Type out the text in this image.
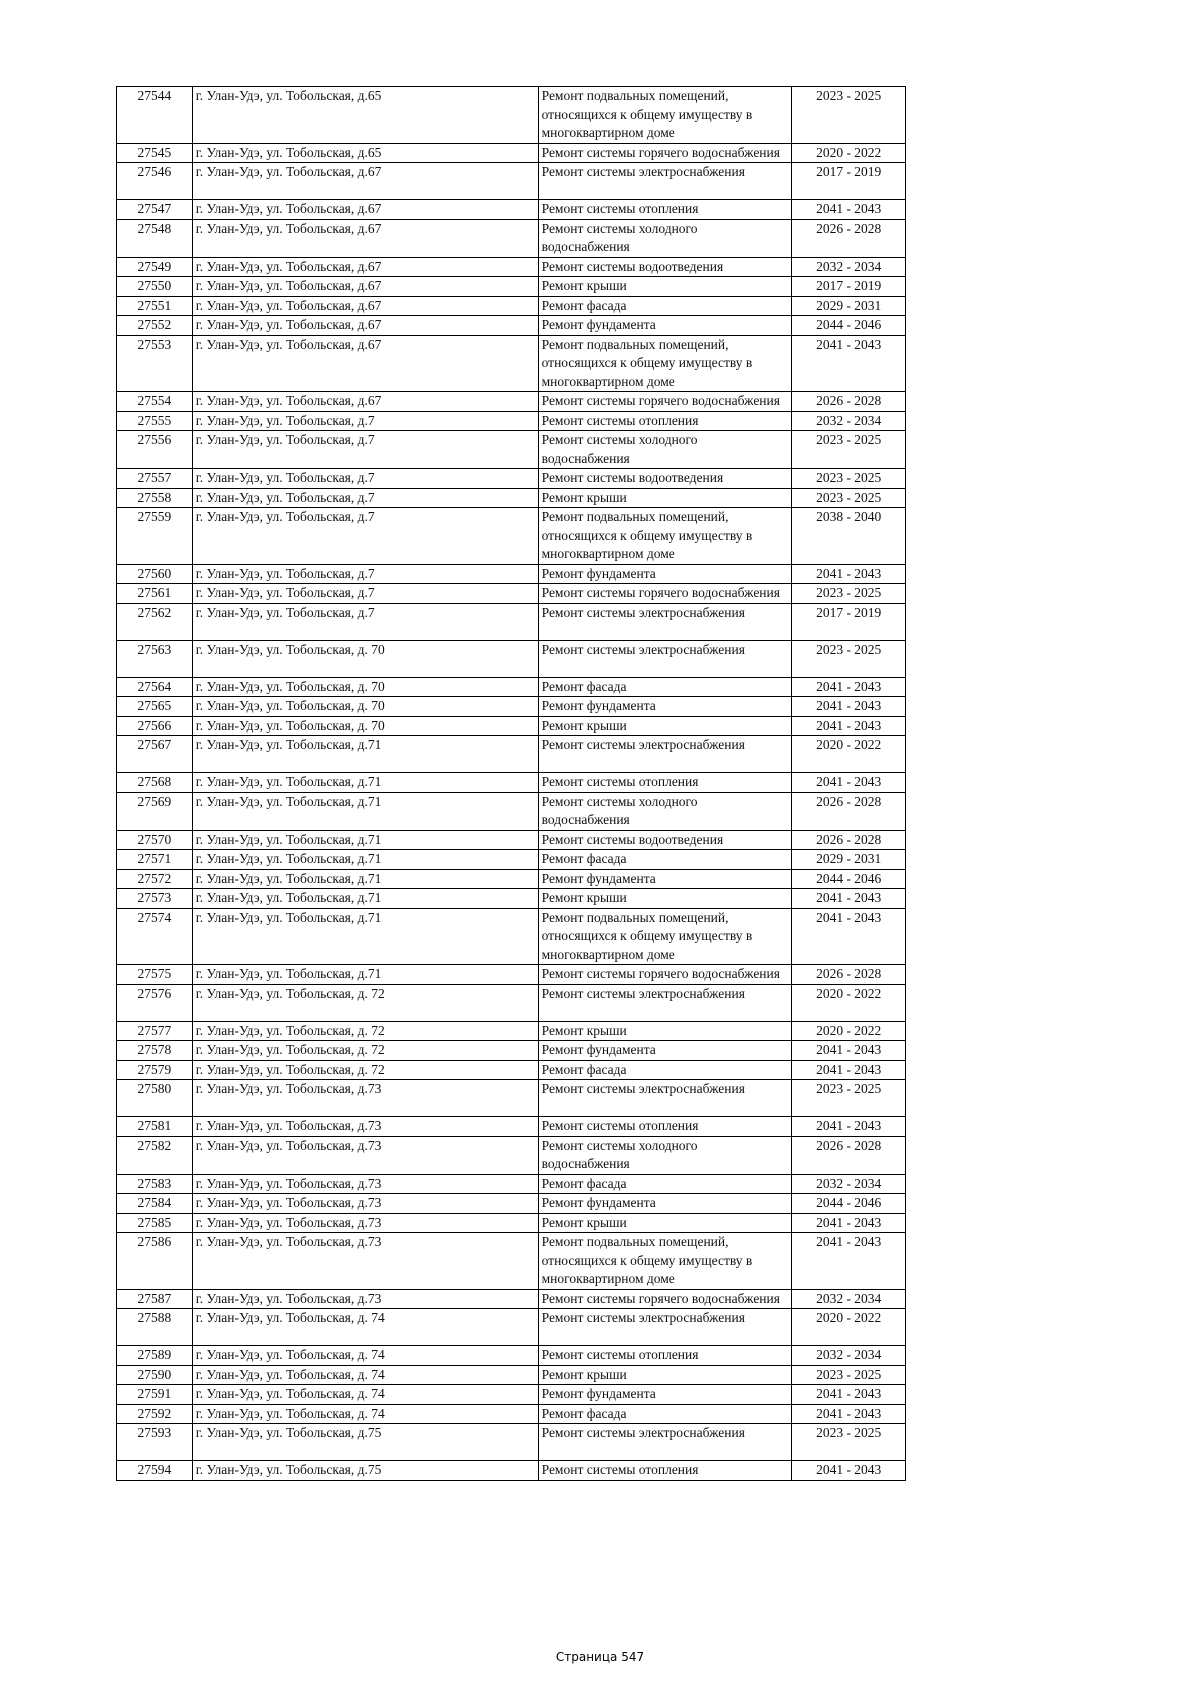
27544	г. Улан-Удэ, ул. Тобольская, д.65	Ремонт подвальных помещений, относящихся к общему имуществу в многоквартирном доме	2023 - 2025
27545	г. Улан-Удэ, ул. Тобольская, д.65	Ремонт системы горячего водоснабжения	2020 - 2022
27546	г. Улан-Удэ, ул. Тобольская, д.67	Ремонт системы электроснабжения	2017 - 2019
27547	г. Улан-Удэ, ул. Тобольская, д.67	Ремонт системы отопления	2041 - 2043
27548	г. Улан-Удэ, ул. Тобольская, д.67	Ремонт системы холодного водоснабжения	2026 - 2028
27549	г. Улан-Удэ, ул. Тобольская, д.67	Ремонт системы водоотведения	2032 - 2034
27550	г. Улан-Удэ, ул. Тобольская, д.67	Ремонт крыши	2017 - 2019
27551	г. Улан-Удэ, ул. Тобольская, д.67	Ремонт фасада	2029 - 2031
27552	г. Улан-Удэ, ул. Тобольская, д.67	Ремонт фундамента	2044 - 2046
27553	г. Улан-Удэ, ул. Тобольская, д.67	Ремонт подвальных помещений, относящихся к общему имуществу в многоквартирном доме	2041 - 2043
27554	г. Улан-Удэ, ул. Тобольская, д.67	Ремонт системы горячего водоснабжения	2026 - 2028
27555	г. Улан-Удэ, ул. Тобольская, д.7	Ремонт системы отопления	2032 - 2034
27556	г. Улан-Удэ, ул. Тобольская, д.7	Ремонт системы холодного водоснабжения	2023 - 2025
27557	г. Улан-Удэ, ул. Тобольская, д.7	Ремонт системы водоотведения	2023 - 2025
27558	г. Улан-Удэ, ул. Тобольская, д.7	Ремонт крыши	2023 - 2025
27559	г. Улан-Удэ, ул. Тобольская, д.7	Ремонт подвальных помещений, относящихся к общему имуществу в многоквартирном доме	2038 - 2040
27560	г. Улан-Удэ, ул. Тобольская, д.7	Ремонт фундамента	2041 - 2043
27561	г. Улан-Удэ, ул. Тобольская, д.7	Ремонт системы горячего водоснабжения	2023 - 2025
27562	г. Улан-Удэ, ул. Тобольская, д.7	Ремонт системы электроснабжения	2017 - 2019
27563	г. Улан-Удэ, ул. Тобольская, д. 70	Ремонт системы электроснабжения	2023 - 2025
27564	г. Улан-Удэ, ул. Тобольская, д. 70	Ремонт фасада	2041 - 2043
27565	г. Улан-Удэ, ул. Тобольская, д. 70	Ремонт фундамента	2041 - 2043
27566	г. Улан-Удэ, ул. Тобольская, д. 70	Ремонт крыши	2041 - 2043
27567	г. Улан-Удэ, ул. Тобольская, д.71	Ремонт системы электроснабжения	2020 - 2022
27568	г. Улан-Удэ, ул. Тобольская, д.71	Ремонт системы отопления	2041 - 2043
27569	г. Улан-Удэ, ул. Тобольская, д.71	Ремонт системы холодного водоснабжения	2026 - 2028
27570	г. Улан-Удэ, ул. Тобольская, д.71	Ремонт системы водоотведения	2026 - 2028
27571	г. Улан-Удэ, ул. Тобольская, д.71	Ремонт фасада	2029 - 2031
27572	г. Улан-Удэ, ул. Тобольская, д.71	Ремонт фундамента	2044 - 2046
27573	г. Улан-Удэ, ул. Тобольская, д.71	Ремонт крыши	2041 - 2043
27574	г. Улан-Удэ, ул. Тобольская, д.71	Ремонт подвальных помещений, относящихся к общему имуществу в многоквартирном доме	2041 - 2043
27575	г. Улан-Удэ, ул. Тобольская, д.71	Ремонт системы горячего водоснабжения	2026 - 2028
27576	г. Улан-Удэ, ул. Тобольская, д. 72	Ремонт системы электроснабжения	2020 - 2022
27577	г. Улан-Удэ, ул. Тобольская, д. 72	Ремонт крыши	2020 - 2022
27578	г. Улан-Удэ, ул. Тобольская, д. 72	Ремонт фундамента	2041 - 2043
27579	г. Улан-Удэ, ул. Тобольская, д. 72	Ремонт фасада	2041 - 2043
27580	г. Улан-Удэ, ул. Тобольская, д.73	Ремонт системы электроснабжения	2023 - 2025
27581	г. Улан-Удэ, ул. Тобольская, д.73	Ремонт системы отопления	2041 - 2043
27582	г. Улан-Удэ, ул. Тобольская, д.73	Ремонт системы холодного водоснабжения	2026 - 2028
27583	г. Улан-Удэ, ул. Тобольская, д.73	Ремонт фасада	2032 - 2034
27584	г. Улан-Удэ, ул. Тобольская, д.73	Ремонт фундамента	2044 - 2046
27585	г. Улан-Удэ, ул. Тобольская, д.73	Ремонт крыши	2041 - 2043
27586	г. Улан-Удэ, ул. Тобольская, д.73	Ремонт подвальных помещений, относящихся к общему имуществу в многоквартирном доме	2041 - 2043
27587	г. Улан-Удэ, ул. Тобольская, д.73	Ремонт системы горячего водоснабжения	2032 - 2034
27588	г. Улан-Удэ, ул. Тобольская, д. 74	Ремонт системы электроснабжения	2020 - 2022
27589	г. Улан-Удэ, ул. Тобольская, д. 74	Ремонт системы отопления	2032 - 2034
27590	г. Улан-Удэ, ул. Тобольская, д. 74	Ремонт крыши	2023 - 2025
27591	г. Улан-Удэ, ул. Тобольская, д. 74	Ремонт фундамента	2041 - 2043
27592	г. Улан-Удэ, ул. Тобольская, д. 74	Ремонт фасада	2041 - 2043
27593	г. Улан-Удэ, ул. Тобольская, д.75	Ремонт системы электроснабжения	2023 - 2025
27594	г. Улан-Удэ, ул. Тобольская, д.75	Ремонт системы отопления	2041 - 2043
Страница 547
